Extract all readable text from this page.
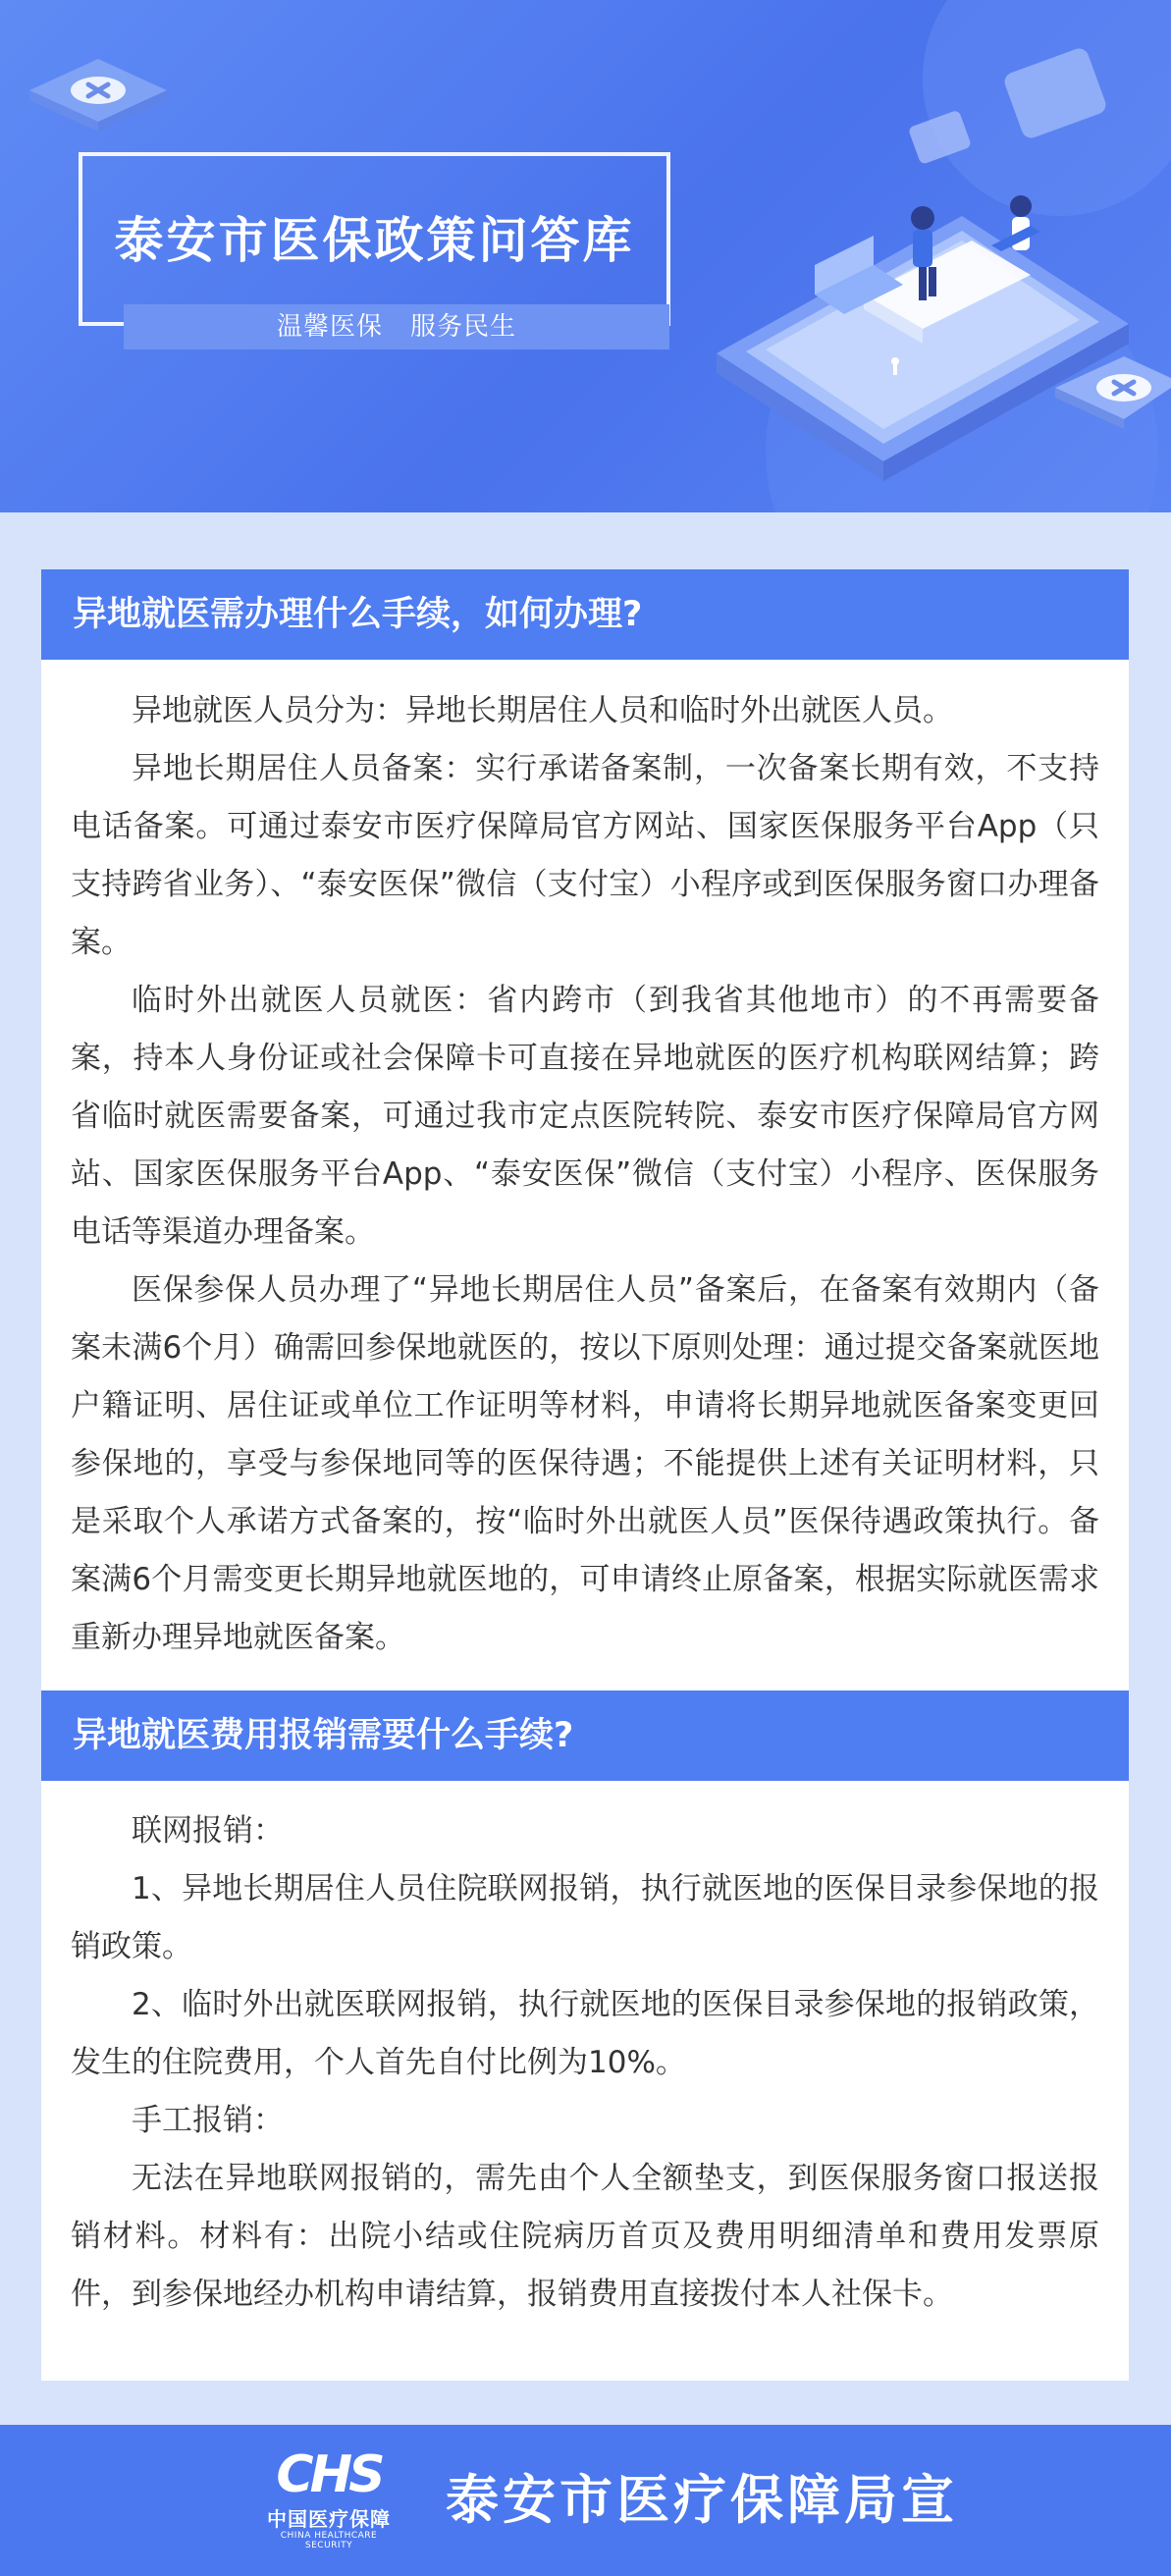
泰安市医保政策问答库
温馨医保 服务民生
异地就医需办理什么手续，如何办理?

异地就医人员分为：异地长期居住人员和临时外出就医人员。

异地长期居住人员备案：实行承诺备案制，一次备案长期有效，不支持电话备案。可通过泰安市医疗保障局官方网站、国家医保服务平台App（只支持跨省业务）、“泰安医保”微信（支付宝）小程序或到医保服务窗口办理备案。

临时外出就医人员就医：省内跨市（到我省其他地市）的不再需要备案，持本人身份证或社会保障卡可直接在异地就医的医疗机构联网结算；跨省临时就医需要备案，可通过我市定点医院转院、泰安市医疗保障局官方网站、国家医保服务平台App、“泰安医保”微信（支付宝）小程序、医保服务电话等渠道办理备案。

医保参保人员办理了“异地长期居住人员”备案后，在备案有效期内（备案未满6个月）确需回参保地就医的，按以下原则处理：通过提交备案就医地户籍证明、居住证或单位工作证明等材料，申请将长期异地就医备案变更回参保地的，享受与参保地同等的医保待遇；不能提供上述有关证明材料，只是采取个人承诺方式备案的，按“临时外出就医人员”医保待遇政策执行。备案满6个月需变更长期异地就医地的，可申请终止原备案，根据实际就医需求重新办理异地就医备案。

异地就医费用报销需要什么手续?

联网报销：

1、异地长期居住人员住院联网报销，执行就医地的医保目录参保地的报销政策。

2、临时外出就医联网报销，执行就医地的医保目录参保地的报销政策，发生的住院费用，个人首先自付比例为10%。

手工报销：

无法在异地联网报销的，需先由个人全额垫支，到医保服务窗口报送报销材料。材料有：出院小结或住院病历首页及费用明细清单和费用发票原件，到参保地经办机构申请结算，报销费用直接拨付本人社保卡。

CHS
中国医疗保障
CHINA HEALTHCARE SECURITY
泰安市医疗保障局宣
